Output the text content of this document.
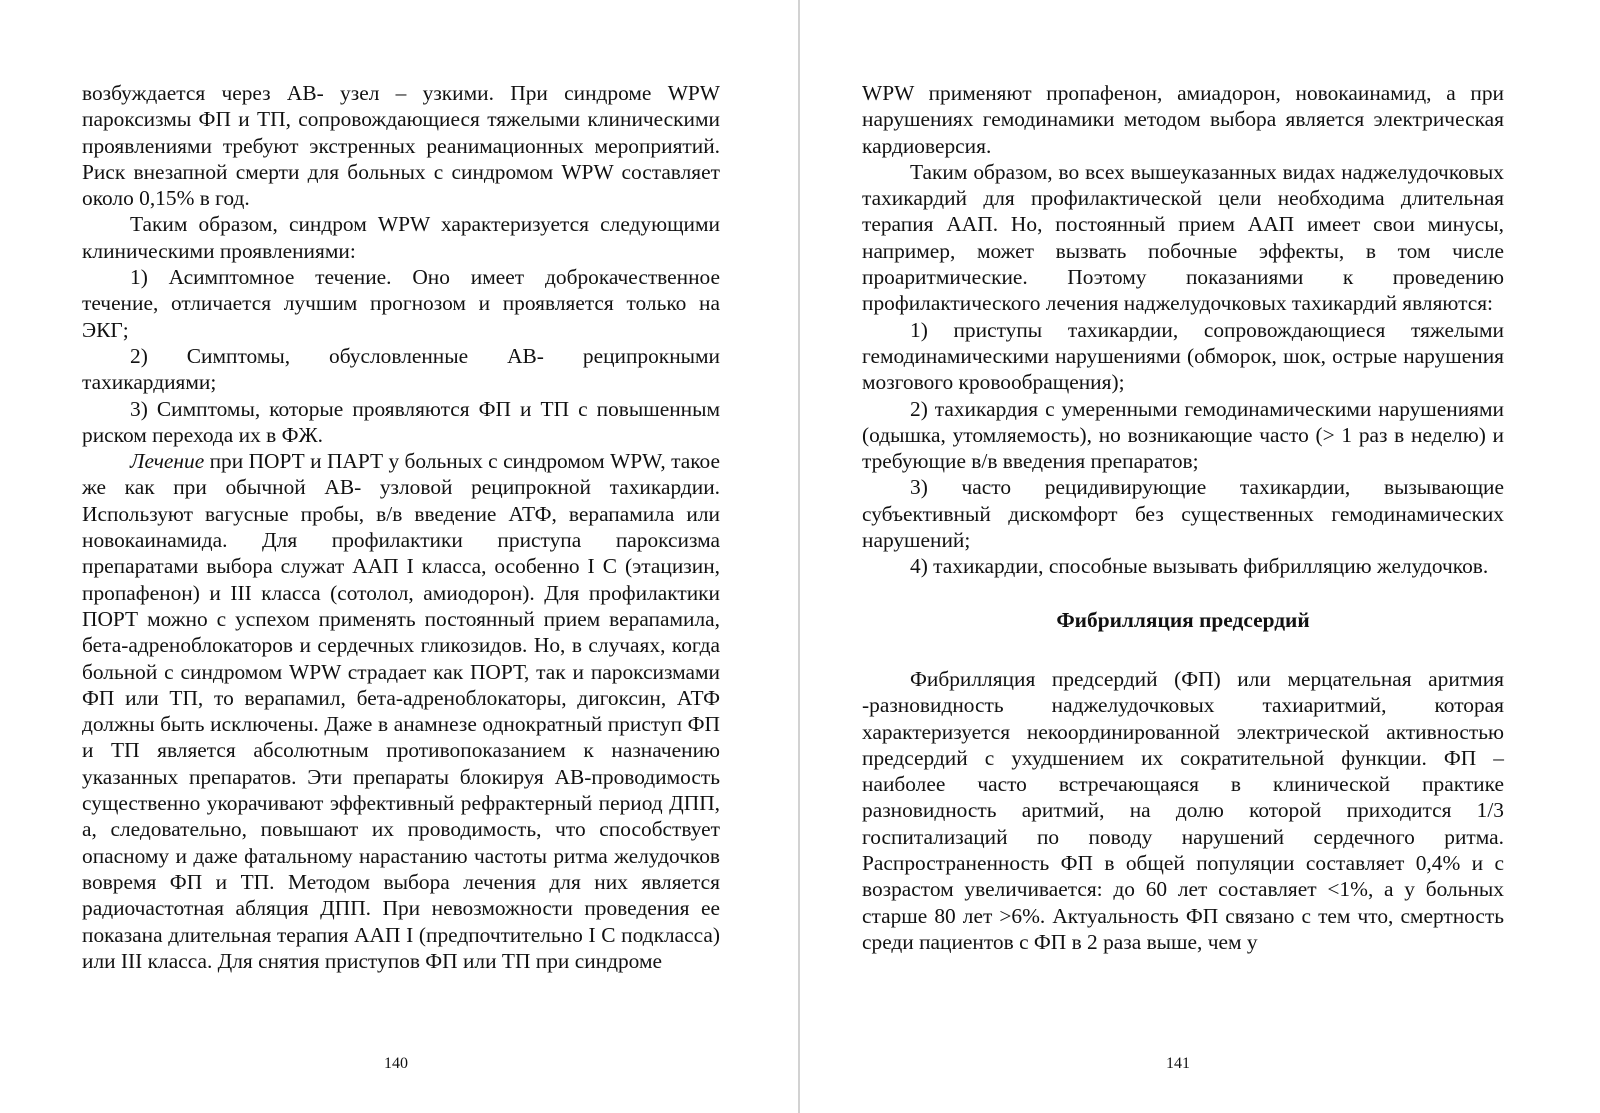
возбуждается через АВ- узел – узкими. При синдроме WPW пароксизмы ФП и ТП, сопровождающиеся тяжелыми клиническими проявлениями требуют экстренных реанимационных мероприятий. Риск внезапной смерти для больных с синдромом WPW составляет около 0,15% в год.

Таким образом, синдром WPW характеризуется следующими клиническими проявлениями:

1) Асимптомное течение. Оно имеет доброкачественное течение, отличается лучшим прогнозом и проявляется только на ЭКГ;

2) Симптомы, обусловленные АВ- реципрокными тахикардиями;

3) Симптомы, которые проявляются ФП и ТП с повышенным риском перехода их в ФЖ.

Лечение при ПОРТ и ПАРТ у больных с синдромом WPW, такое же как при обычной АВ- узловой реципрокной тахикардии. Используют вагусные пробы, в/в введение АТФ, верапамила или новокаинамида. Для профилактики приступа пароксизма препаратами выбора служат ААП I класса, особенно I С (этацизин, пропафенон) и III класса (сотолол, амиодорон). Для профилактики ПОРТ можно с успехом применять постоянный прием верапамила, бета-адреноблокаторов и сердечных гликозидов. Но, в случаях, когда больной с синдромом WPW страдает как ПОРТ, так и пароксизмами ФП или ТП, то верапамил, бета-адреноблокаторы, дигоксин, АТФ должны быть исключены. Даже в анамнезе однократный приступ ФП и ТП является абсолютным противопоказанием к назначению указанных препаратов. Эти препараты блокируя АВ-проводимость существенно укорачивают эффективный рефрактерный период ДПП, а, следовательно, повышают их проводимость, что способствует опасному и даже фатальному нарастанию частоты ритма желудочков вовремя ФП и ТП. Методом выбора лечения для них является радиочастотная абляция ДПП. При невозможности проведения ее показана длительная терапия ААП I (предпочтительно I С подкласса) или III класса. Для снятия приступов ФП или ТП при синдроме

140

WPW применяют пропафенон, амиадорон, новокаинамид, а при нарушениях гемодинамики методом выбора является электрическая кардиоверсия.

Таким образом, во всех вышеуказанных видах наджелудочковых тахикардий для профилактической цели необходима длительная терапия ААП. Но, постоянный прием ААП имеет свои минусы, например, может вызвать побочные эффекты, в том числе проаритмические. Поэтому показаниями к проведению профилактического лечения наджелудочковых тахикардий являются:

1) приступы тахикардии, сопровождающиеся тяжелыми гемодинамическими нарушениями (обморок, шок, острые нарушения мозгового кровообращения);

2) тахикардия с умеренными гемодинамическими нарушениями (одышка, утомляемость), но возникающие часто (> 1 раз в неделю) и требующие в/в введения препаратов;

3) часто рецидивирующие тахикардии, вызывающие субъективный дискомфорт без существенных гемодинамических нарушений;

4) тахикардии, способные вызывать фибрилляцию желудочков.

Фибрилляция предсердий

Фибрилляция предсердий (ФП) или мерцательная аритмия -разновидность наджелудочковых тахиаритмий, которая характеризуется некоординированной электрической активностью предсердий с ухудшением их сократительной функции. ФП – наиболее часто встречающаяся в клинической практике разновидность аритмий, на долю которой приходится 1/3 госпитализаций по поводу нарушений сердечного ритма. Распространенность ФП в общей популяции составляет 0,4% и с возрастом увеличивается: до 60 лет составляет <1%, а у больных старше 80 лет >6%. Актуальность ФП связано с тем что, смертность среди пациентов с ФП в 2 раза выше, чем у

141
